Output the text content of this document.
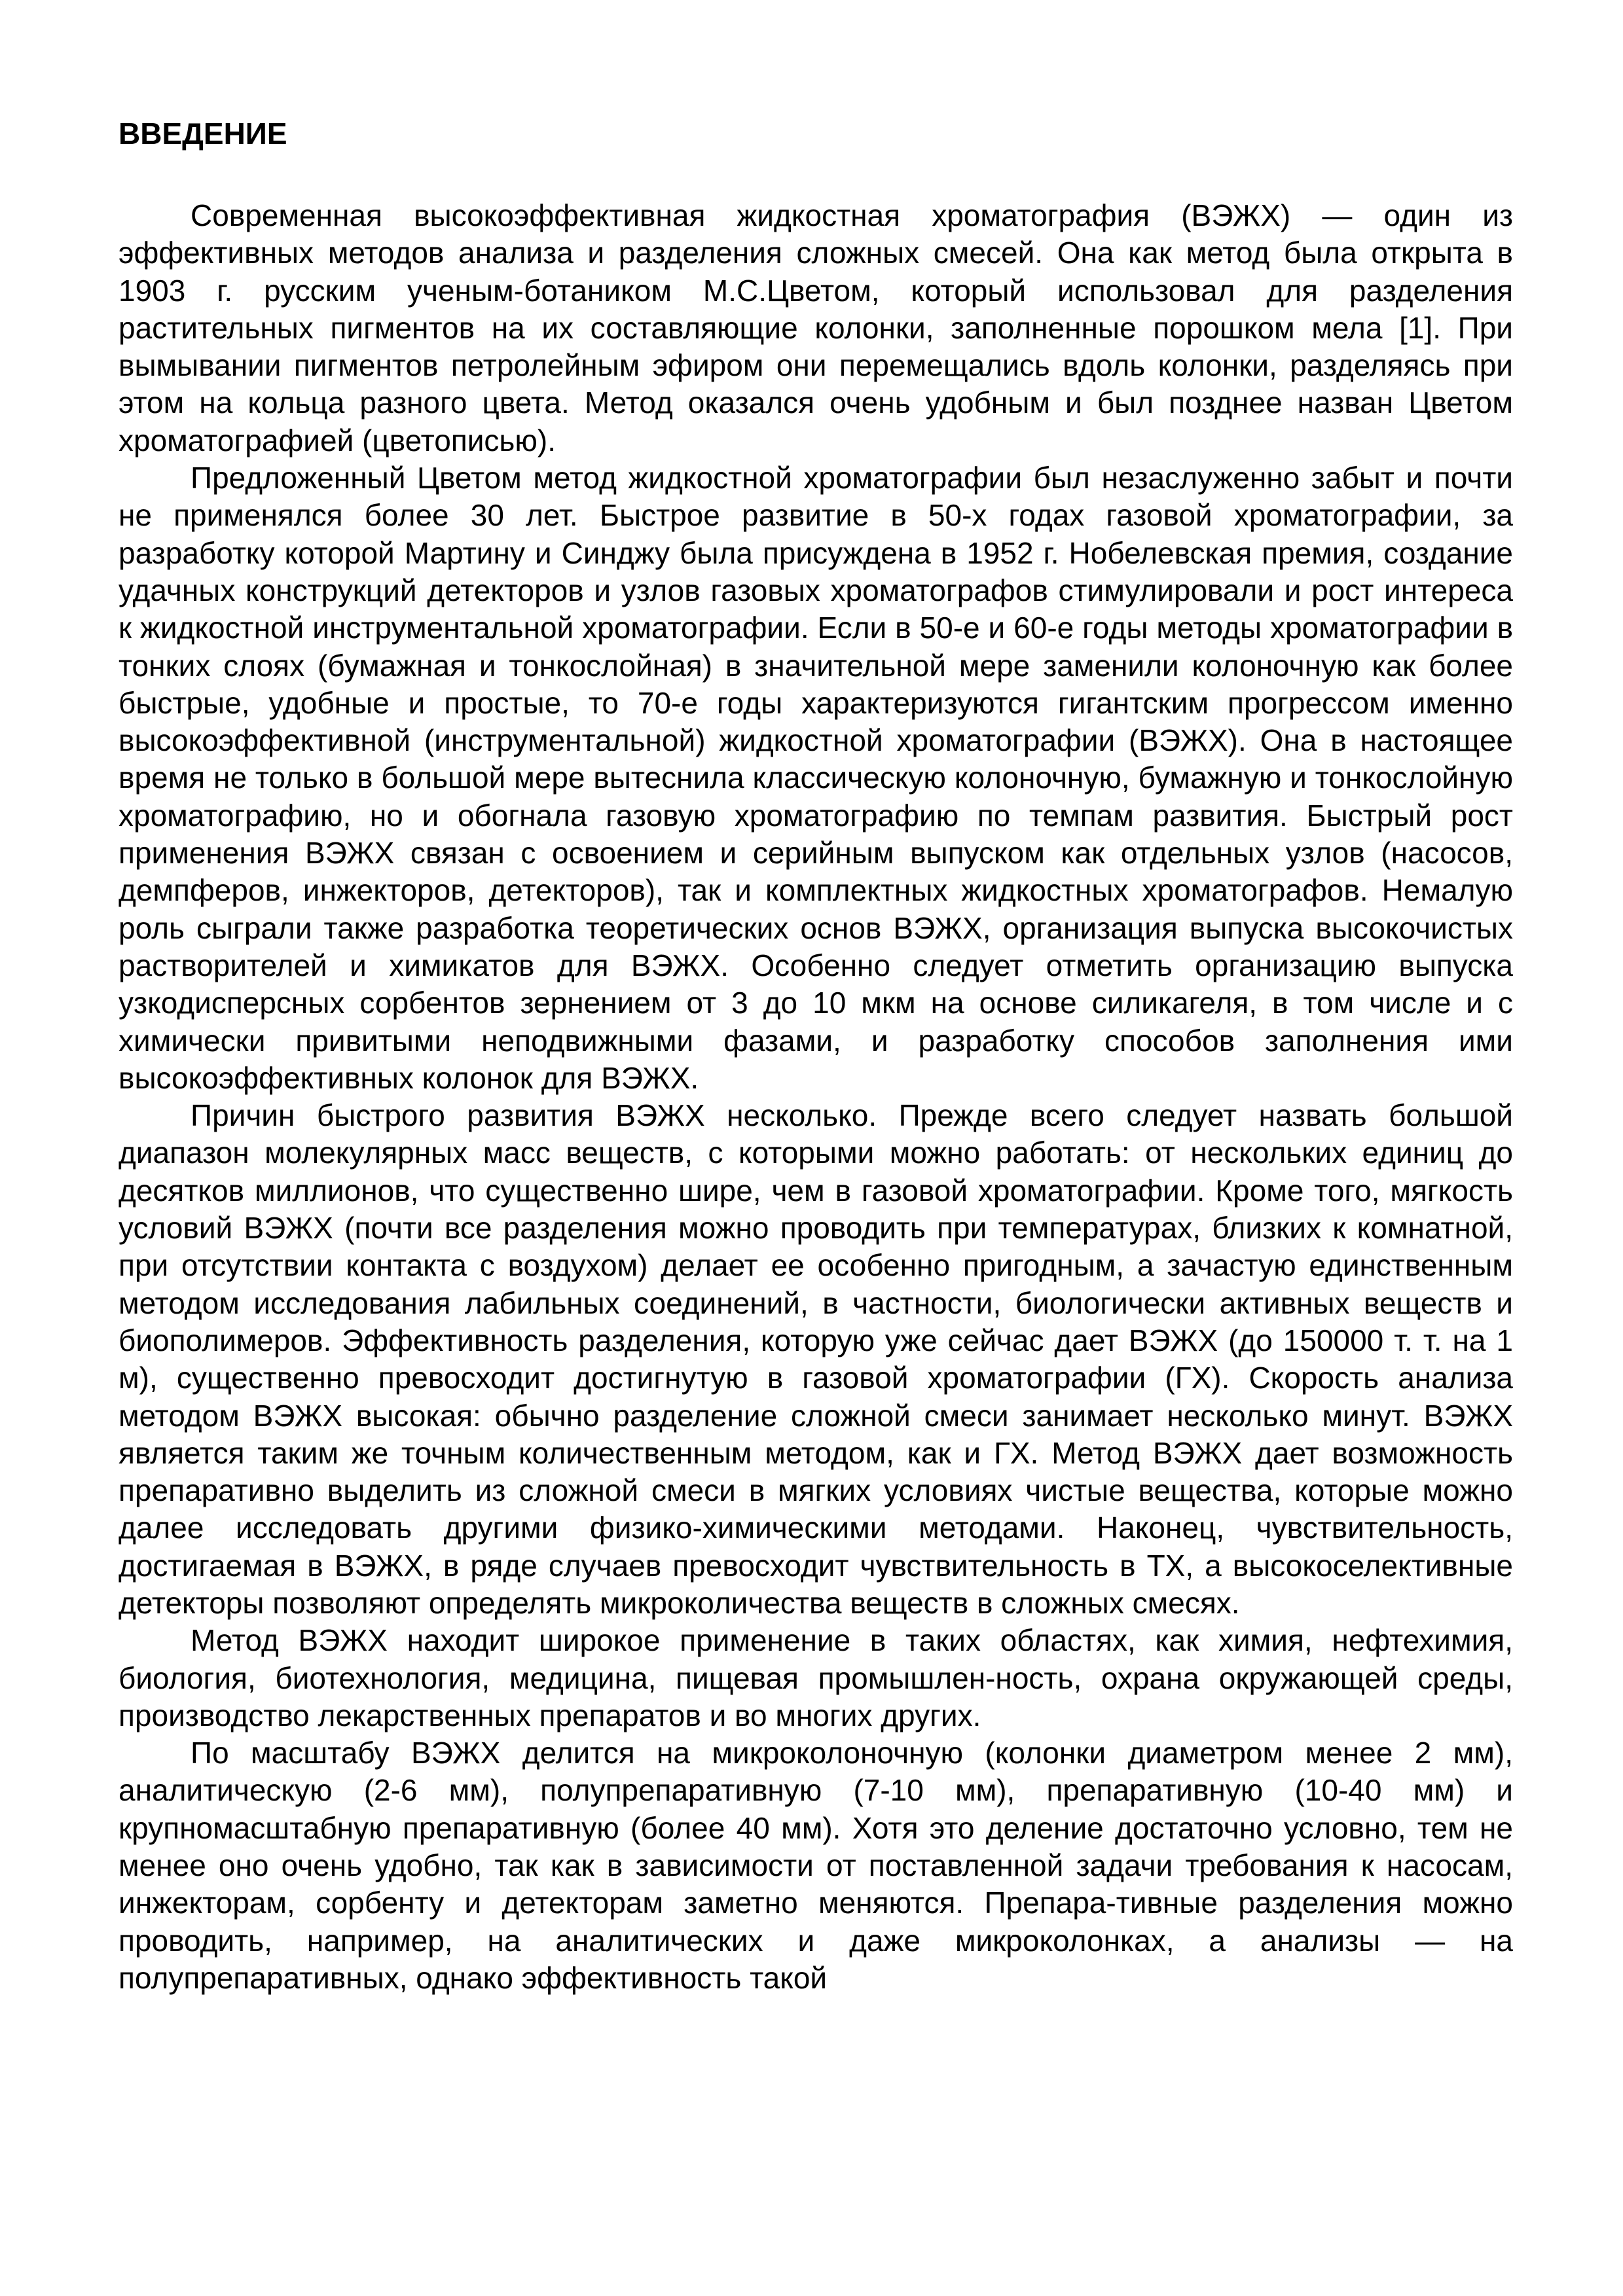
ВВЕДЕНИЕ

Современная высокоэффективная жидкостная хроматография (ВЭЖХ) — один из эффективных методов анализа и разделения сложных смесей. Она как метод была открыта в 1903 г. русским ученым-ботаником М.С.Цветом, который использовал для разделения растительных пигментов на их составляющие колонки, заполненные порошком мела [1]. При вымывании пигментов петролейным эфиром они перемещались вдоль колонки, разделяясь при этом на кольца разного цвета. Метод оказался очень удобным и был позднее назван Цветом хроматографией (цветописью).

Предложенный Цветом метод жидкостной хроматографии был незаслуженно забыт и почти не применялся более 30 лет. Быстрое развитие в 50-х годах газовой хроматографии, за разработку которой Мартину и Синджу была присуждена в 1952 г. Нобелевская премия, создание удачных конструкций детекторов и узлов газовых хроматографов стимулировали и рост интереса к жидкостной инструментальной хроматографии. Если в 50-е и 60-е годы методы хроматографии в тонких слоях (бумажная и тонкослойная) в значительной мере заменили колоночную как более быстрые, удобные и простые, то 70-е годы характеризуются гигантским прогрессом именно высокоэффективной (инструментальной) жидкостной хроматографии (ВЭЖХ). Она в настоящее время не только в большой мере вытеснила классическую колоночную, бумажную и тонкослойную хроматографию, но и обогнала газовую хроматографию по темпам развития. Быстрый рост применения ВЭЖХ связан с освоением и серийным выпуском как отдельных узлов (насосов, демпферов, инжекторов, детекторов), так и комплектных жидкостных хроматографов. Немалую роль сыграли также разработка теоретических основ ВЭЖХ, организация выпуска высокочистых растворителей и химикатов для ВЭЖХ. Особенно следует отметить организацию выпуска узкодисперсных сорбентов зернением от 3 до 10 мкм на основе силикагеля, в том числе и с химически привитыми неподвижными фазами, и разработку способов заполнения ими высокоэффективных колонок для ВЭЖХ.

Причин быстрого развития ВЭЖХ несколько. Прежде всего следует назвать большой диапазон молекулярных масс веществ, с которыми можно работать: от нескольких единиц до десятков миллионов, что существенно шире, чем в газовой хроматографии. Кроме того, мягкость условий ВЭЖХ (почти все разделения можно проводить при температурах, близких к комнатной, при отсутствии контакта с воздухом) делает ее особенно пригодным, а зачастую единственным методом исследования лабильных соединений, в частности, биологически активных веществ и биополимеров. Эффективность разделения, которую уже сейчас дает ВЭЖХ (до 150000 т. т. на 1 м), существенно превосходит достигнутую в газовой хроматографии (ГХ). Скорость анализа методом ВЭЖХ высокая: обычно разделение сложной смеси занимает несколько минут. ВЭЖХ является таким же точным количественным методом, как и ГХ. Метод ВЭЖХ дает возможность препаративно выделить из сложной смеси в мягких условиях чистые вещества, которые можно далее исследовать другими физико-химическими методами. Наконец, чувствительность, достигаемая в ВЭЖХ, в ряде случаев превосходит чувствительность в ТХ, а высокоселективные детекторы позволяют определять микроколичества веществ в сложных смесях.

Метод ВЭЖХ находит широкое применение в таких областях, как химия, нефтехимия, биология, биотехнология, медицина, пищевая промышлен-ность, охрана окружающей среды, производство лекарственных препаратов и во многих других.

По масштабу ВЭЖХ делится на микроколоночную (колонки диаметром менее 2 мм), аналитическую (2-6 мм), полупрепаративную (7-10 мм), препаративную (10-40 мм) и крупномасштабную препаративную (более 40 мм). Хотя это деление достаточно условно, тем не менее оно очень удобно, так как в зависимости от поставленной задачи требования к насосам, инжекторам, сорбенту и детекторам заметно меняются. Препара-тивные разделения можно проводить, например, на аналитических и даже микроколонках, а анализы — на полупрепаративных, однако эффективность такой
